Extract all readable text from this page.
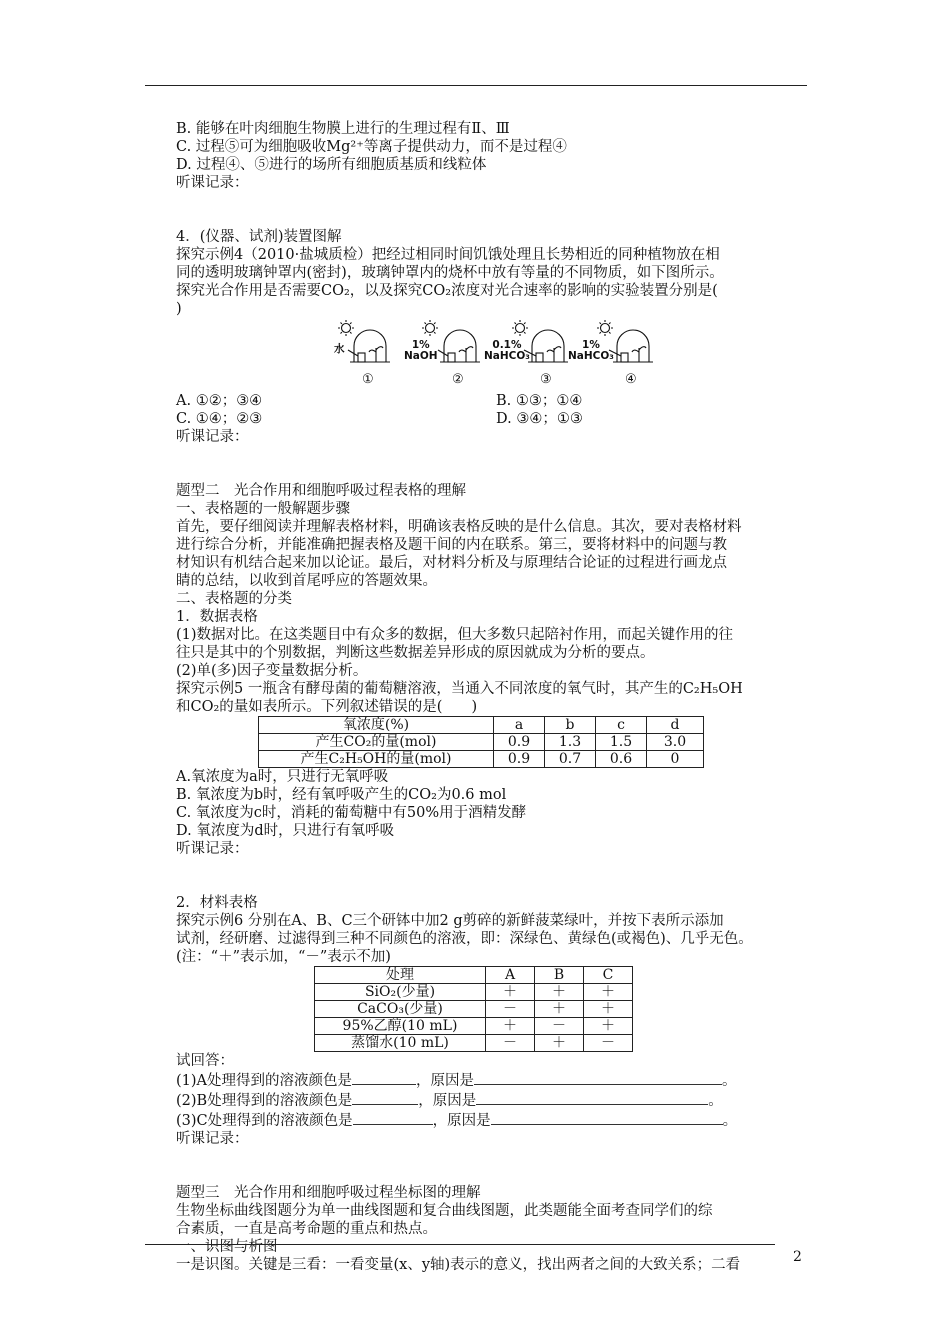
B. 能够在叶肉细胞生物膜上进行的生理过程有Ⅱ、Ⅲ
C. 过程⑤可为细胞吸收Mg²⁺等离子提供动力，而不是过程④
D. 过程④、⑤进行的场所有细胞质基质和线粒体
听课记录：
4．(仪器、试剂)装置图解
探究示例4（2010·盐城质检）把经过相同时间饥饿处理且长势相近的同种植物放在相
同的透明玻璃钟罩内(密封)，玻璃钟罩内的烧杯中放有等量的不同物质，如下图所示。
探究光合作用是否需要CO₂，以及探究CO₂浓度对光合速率的影响的实验装置分别是(
)
水	1%
NaOH
0.1%
NaHCO₃
1%
NaHCO₃
①	②	③	④
A. ①②；③④	B. ①③；①④
C. ①④；②③	D. ③④；①③
听课记录：
题型二　光合作用和细胞呼吸过程表格的理解
一、表格题的一般解题步骤
首先，要仔细阅读并理解表格材料，明确该表格反映的是什么信息。其次，要对表格材料
进行综合分析，并能准确把握表格及题干间的内在联系。第三，要将材料中的问题与教
材知识有机结合起来加以论证。最后，对材料分析及与原理结合论证的过程进行画龙点
睛的总结，以收到首尾呼应的答题效果。
二、表格题的分类
1．数据表格
(1)数据对比。在这类题目中有众多的数据，但大多数只起陪衬作用，而起关键作用的往
往只是其中的个别数据，判断这些数据差异形成的原因就成为分析的要点。
(2)单(多)因子变量数据分析。
探究示例5 一瓶含有酵母菌的葡萄糖溶液，当通入不同浓度的氧气时，其产生的C₂H₅OH
和CO₂的量如表所示。下列叙述错误的是(　　)
氧浓度(%)	a	b	c	d
产生CO₂的量(mol)	0.9	1.3	1.5	3.0
产生C₂H₅OH的量(mol)	0.9	0.7	0.6	0
A.氧浓度为a时，只进行无氧呼吸
B. 氧浓度为b时，经有氧呼吸产生的CO₂为0.6 mol
C. 氧浓度为c时，消耗的葡萄糖中有50%用于酒精发酵
D. 氧浓度为d时，只进行有氧呼吸
听课记录：
2．材料表格
探究示例6 分别在A、B、C三个研钵中加2 g剪碎的新鲜菠菜绿叶，并按下表所示添加
试剂，经研磨、过滤得到三种不同颜色的溶液，即：深绿色、黄绿色(或褐色)、几乎无色。
(注：“＋”表示加，“－”表示不加)
处理	A	B	C
SiO₂(少量)	＋	＋	＋
CaCO₃(少量)	－	＋	＋
95%乙醇(10 mL)	＋	－	＋
蒸馏水(10 mL)	－	＋	－
试回答：
(1)A处理得到的溶液颜色是	，原因是	。
(2)B处理得到的溶液颜色是	，原因是	。
(3)C处理得到的溶液颜色是	，原因是	。
听课记录：
题型三　光合作用和细胞呼吸过程坐标图的理解
生物坐标曲线图题分为单一曲线图题和复合曲线图题，此类题能全面考查同学们的综
合素质，一直是高考命题的重点和热点。
一、识图与析图
一是识图。关键是三看：一看变量(x、y轴)表示的意义，找出两者之间的大致关系；二看	2
